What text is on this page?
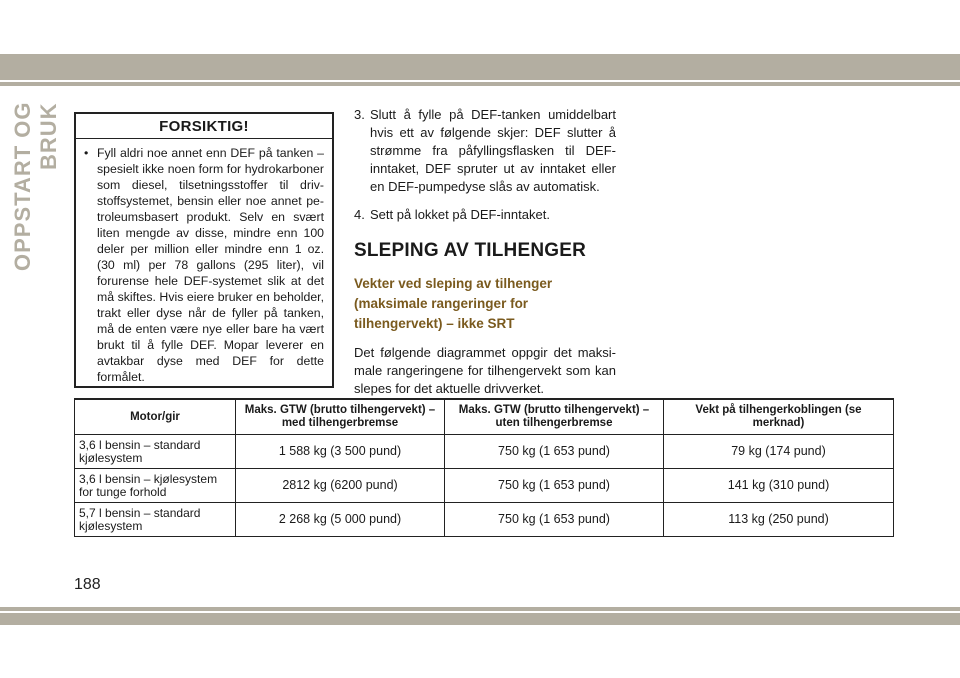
OPPSTART OG BRUK	FORSIKTIG!
• Fyll aldri noe annet enn DEF på tanken – spesielt ikke noen form for hydrokarboner som diesel, tilsetningsstoffer til drivstoffsystemet, bensin eller noe annet petroleumsbasert produkt. Selv en svært liten mengde av disse, mindre enn 100 deler per million eller mindre enn 1 oz. (30 ml) per 78 gallons (295 liter), vil forurense hele DEF-systemet slik at det må skiftes. Hvis eiere bruker en beholder, trakt eller dyse når de fyller på tanken, må de enten være nye eller bare ha vært brukt til å fylle DEF. Mopar leverer en avtakbar dyse med DEF for dette formålet.
3. Slutt å fylle på DEF-tanken umiddelbart hvis ett av følgende skjer: DEF slutter å strømme fra påfyllingsflasken til DEF-inntaket, DEF spruter ut av inntaket eller en DEF-pumpedyse slås av automatisk.
4. Sett på lokket på DEF-inntaket.
SLEPING AV TILHENGER
Vekter ved sleping av tilhenger (maksimale rangeringer for tilhengervekt) – ikke SRT
Det følgende diagrammet oppgir det maksimale rangeringene for tilhengervekt som kan slepes for det aktuelle drivverket.
Motor/gir	Maks. GTW (brutto tilhengervekt) – med tilhengerbremse	Maks. GTW (brutto tilhengervekt) – uten tilhengerbremse	Vekt på tilhengerkoblingen (se merknad)
3,6 l bensin – standard kjølesystem	1 588 kg (3 500 pund)	750 kg (1 653 pund)	79 kg (174 pund)
3,6 l bensin – kjølesystem for tunge forhold	2812 kg (6200 pund)	750 kg (1 653 pund)	141 kg (310 pund)
5,7 l bensin – standard kjølesystem	2 268 kg (5 000 pund)	750 kg (1 653 pund)	113 kg (250 pund)
188
